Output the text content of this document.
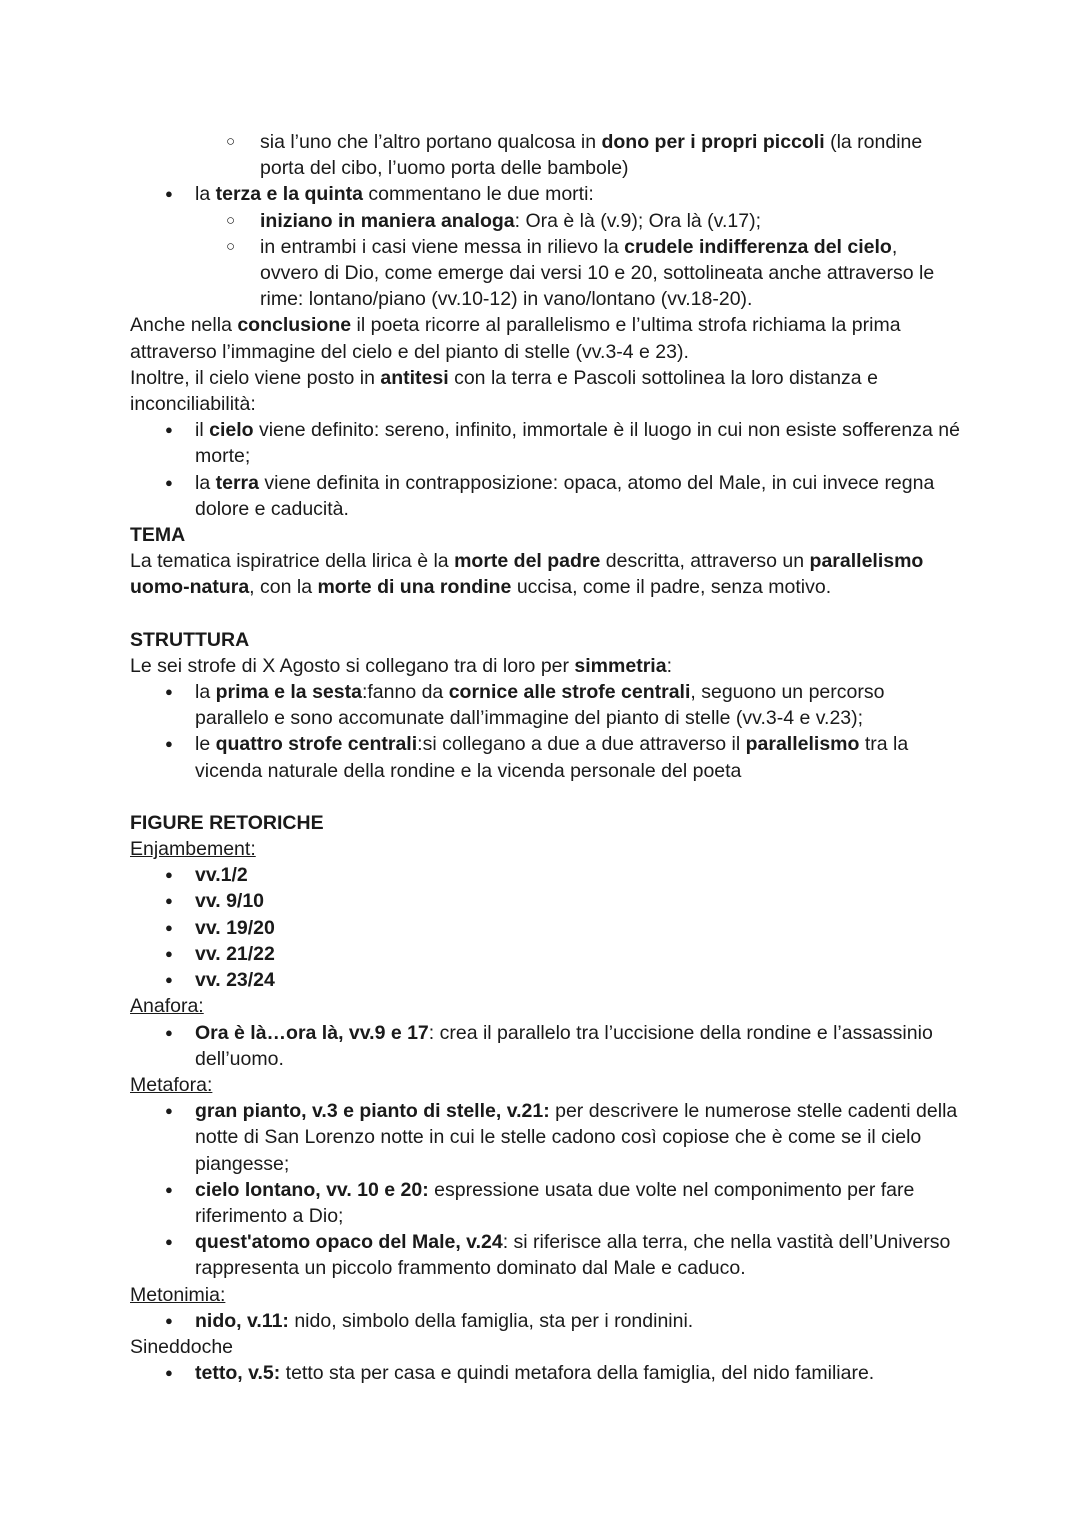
○ sia l’uno che l’altro portano qualcosa in dono per i propri piccoli (la rondine porta del cibo, l’uomo porta delle bambole)
● la terza e la quinta commentano le due morti:
○ iniziano in maniera analoga: Ora è là (v.9); Ora là (v.17);
○ in entrambi i casi viene messa in rilievo la crudele indifferenza del cielo, ovvero di Dio, come emerge dai versi 10 e 20, sottolineata anche attraverso le rime: lontano/piano (vv.10-12) in vano/lontano (vv.18-20).

Anche nella conclusione il poeta ricorre al parallelismo e l’ultima strofa richiama la prima attraverso l’immagine del cielo e del pianto di stelle (vv.3-4 e 23).

Inoltre, il cielo viene posto in antitesi con la terra e Pascoli sottolinea la loro distanza e inconciliabilità:

● il cielo viene definito: sereno, infinito, immortale è il luogo in cui non esiste sofferenza né morte;
● la terra viene definita in contrapposizione: opaca, atomo del Male, in cui invece regna dolore e caducità.

TEMA

La tematica ispiratrice della lirica è la morte del padre descritta, attraverso un parallelismo uomo-natura, con la morte di una rondine uccisa, come il padre, senza motivo.

STRUTTURA

Le sei strofe di X Agosto si collegano tra di loro per simmetria:

● la prima e la sesta:fanno da cornice alle strofe centrali, seguono un percorso parallelo e sono accomunate dall’immagine del pianto di stelle (vv.3-4 e v.23);
● le quattro strofe centrali:si collegano a due a due attraverso il parallelismo tra la vicenda naturale della rondine e la vicenda personale del poeta

FIGURE RETORICHE

Enjambement:

● vv.1/2
● vv. 9/10
● vv. 19/20
● vv. 21/22
● vv. 23/24

Anafora:

● Ora è là…ora là, vv.9 e 17: crea il parallelo tra l’uccisione della rondine e l’assassinio dell’uomo.

Metafora:

● gran pianto, v.3 e pianto di stelle, v.21: per descrivere le numerose stelle cadenti della notte di San Lorenzo notte in cui le stelle cadono così copiose che è come se il cielo piangesse;
● cielo lontano, vv. 10 e 20: espressione usata due volte nel componimento per fare riferimento a Dio;
● quest'atomo opaco del Male, v.24: si riferisce alla terra, che nella vastità dell’Universo rappresenta un piccolo frammento dominato dal Male e caduco.

Metonimia:

● nido, v.11: nido, simbolo della famiglia, sta per i rondinini.

Sineddoche

● tetto, v.5: tetto sta per casa e quindi metafora della famiglia, del nido familiare.
